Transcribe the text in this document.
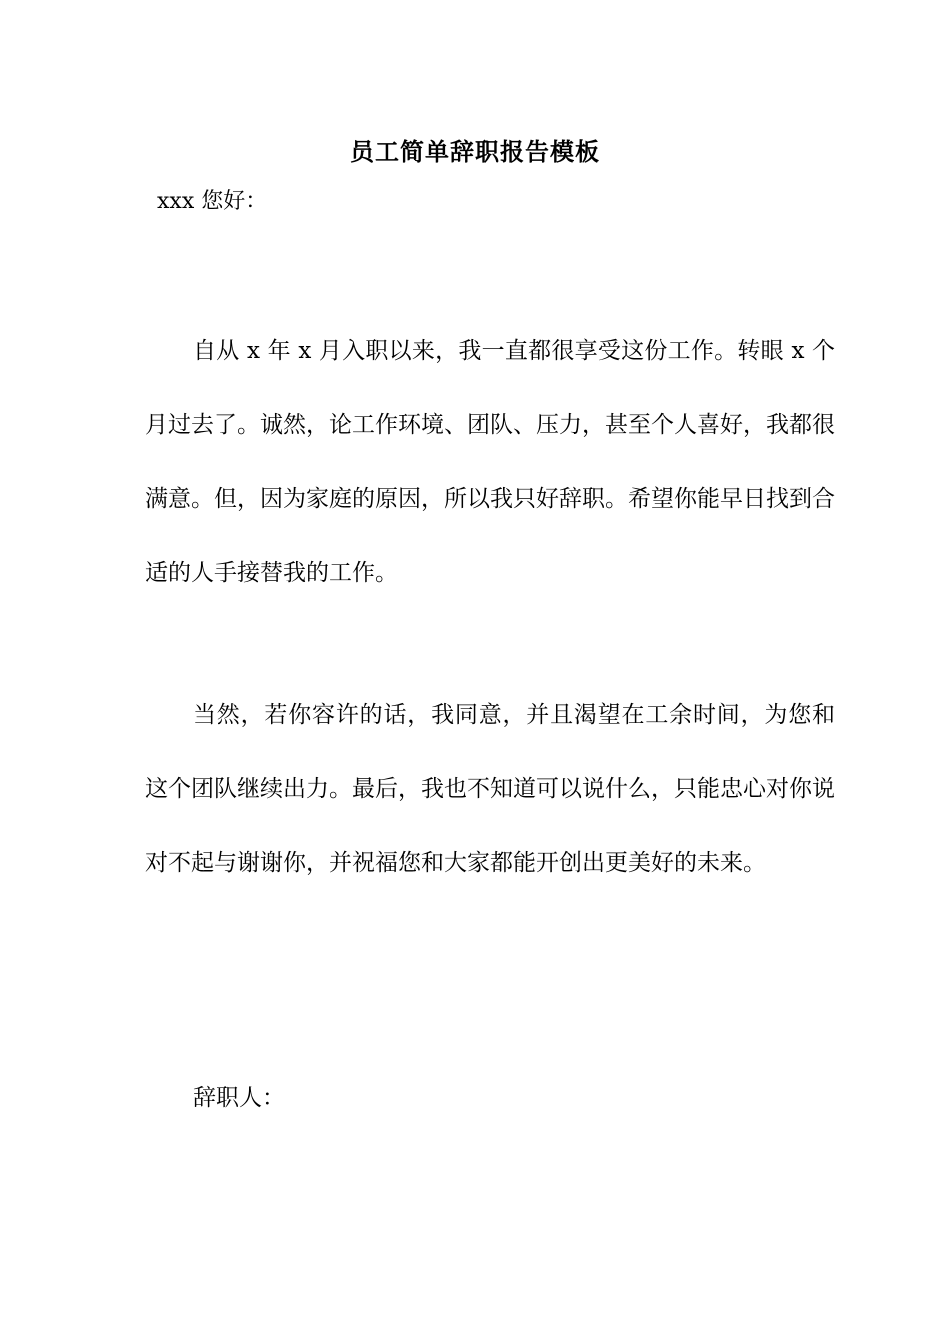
员工简单辞职报告模板
xxx 您好：

自从 x 年 x 月入职以来，我一直都很享受这份工作。转眼 x 个月过去了。诚然，论工作环境、团队、压力，甚至个人喜好，我都很满意。但，因为家庭的原因，所以我只好辞职。希望你能早日找到合适的人手接替我的工作。

当然，若你容许的话，我同意，并且渴望在工余时间，为您和这个团队继续出力。最后，我也不知道可以说什么，只能忠心对你说对不起与谢谢你，并祝福您和大家都能开创出更美好的未来。

辞职人：
